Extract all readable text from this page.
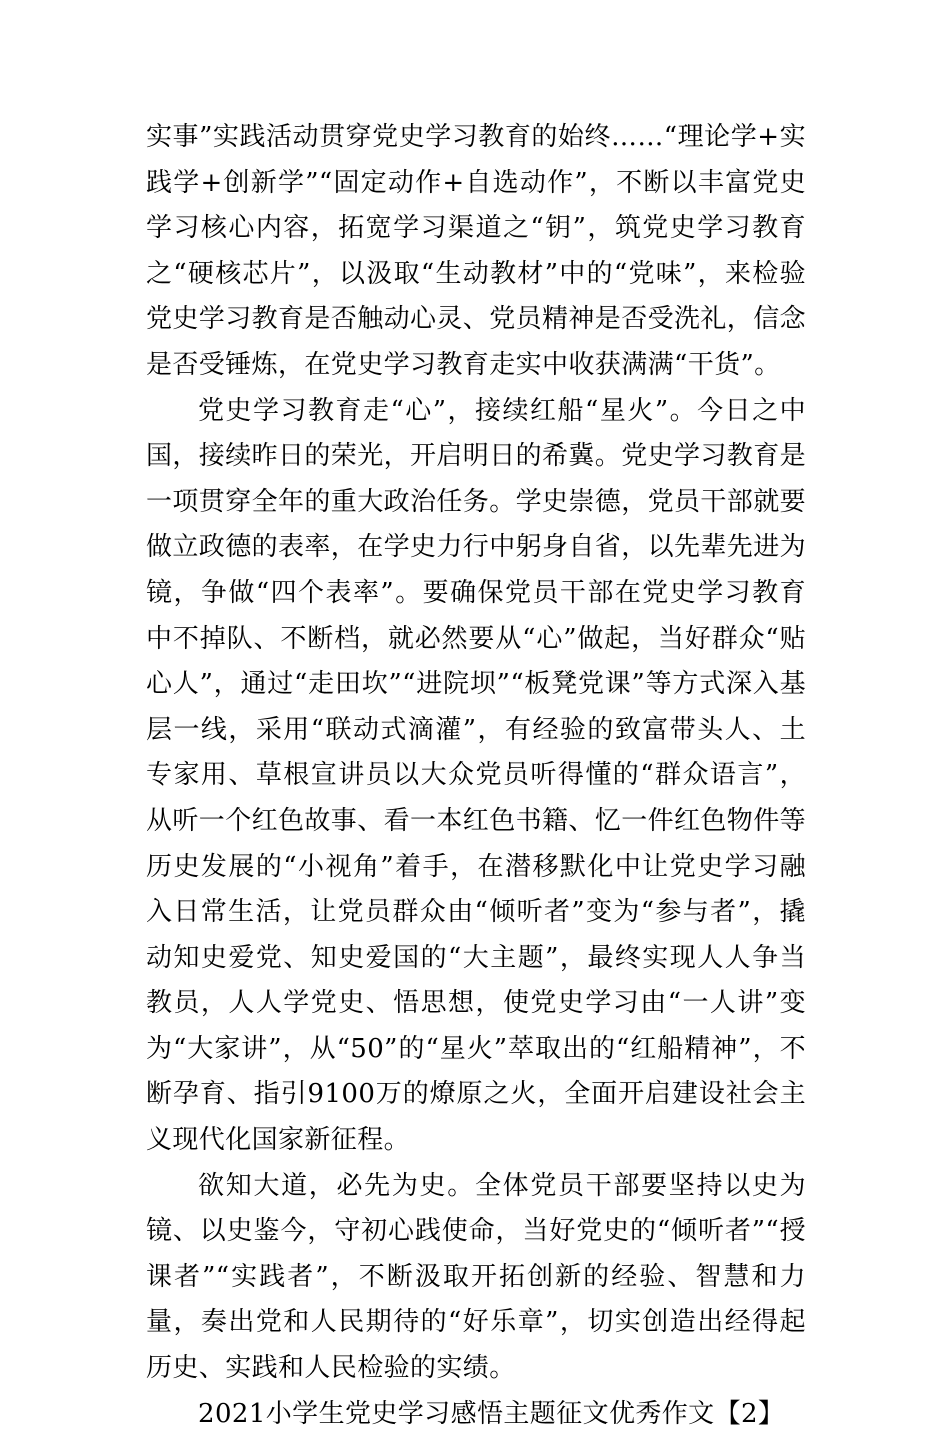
实事”实践活动贯穿党史学习教育的始终……“理论学+实践学+创新学”“固定动作+自选动作”，不断以丰富党史学习核心内容，拓宽学习渠道之“钥”，筑党史学习教育之“硬核芯片”，以汲取“生动教材”中的“党味”，来检验党史学习教育是否触动心灵、党员精神是否受洗礼，信念是否受锤炼，在党史学习教育走实中收获满满“干货”。

党史学习教育走“心”，接续红船“星火”。今日之中国，接续昨日的荣光，开启明日的希冀。党史学习教育是一项贯穿全年的重大政治任务。学史崇德，党员干部就要做立政德的表率，在学史力行中躬身自省，以先辈先进为镜，争做“四个表率”。要确保党员干部在党史学习教育中不掉队、不断档，就必然要从“心”做起，当好群众“贴心人”，通过“走田坎”“进院坝”“板凳党课”等方式深入基层一线，采用“联动式滴灌”，有经验的致富带头人、土专家用、草根宣讲员以大众党员听得懂的“群众语言”，从听一个红色故事、看一本红色书籍、忆一件红色物件等历史发展的“小视角”着手，在潜移默化中让党史学习融入日常生活，让党员群众由“倾听者”变为“参与者”，撬动知史爱党、知史爱国的“大主题”，最终实现人人争当教员，人人学党史、悟思想，使党史学习由“一人讲”变为“大家讲”，从“50”的“星火”萃取出的“红船精神”，不断孕育、指引9100万的燎原之火，全面开启建设社会主义现代化国家新征程。

欲知大道，必先为史。全体党员干部要坚持以史为镜、以史鉴今，守初心践使命，当好党史的“倾听者”“授课者”“实践者”，不断汲取开拓创新的经验、智慧和力量，奏出党和人民期待的“好乐章”，切实创造出经得起历史、实践和人民检验的实绩。

2021小学生党史学习感悟主题征文优秀作文【2】
